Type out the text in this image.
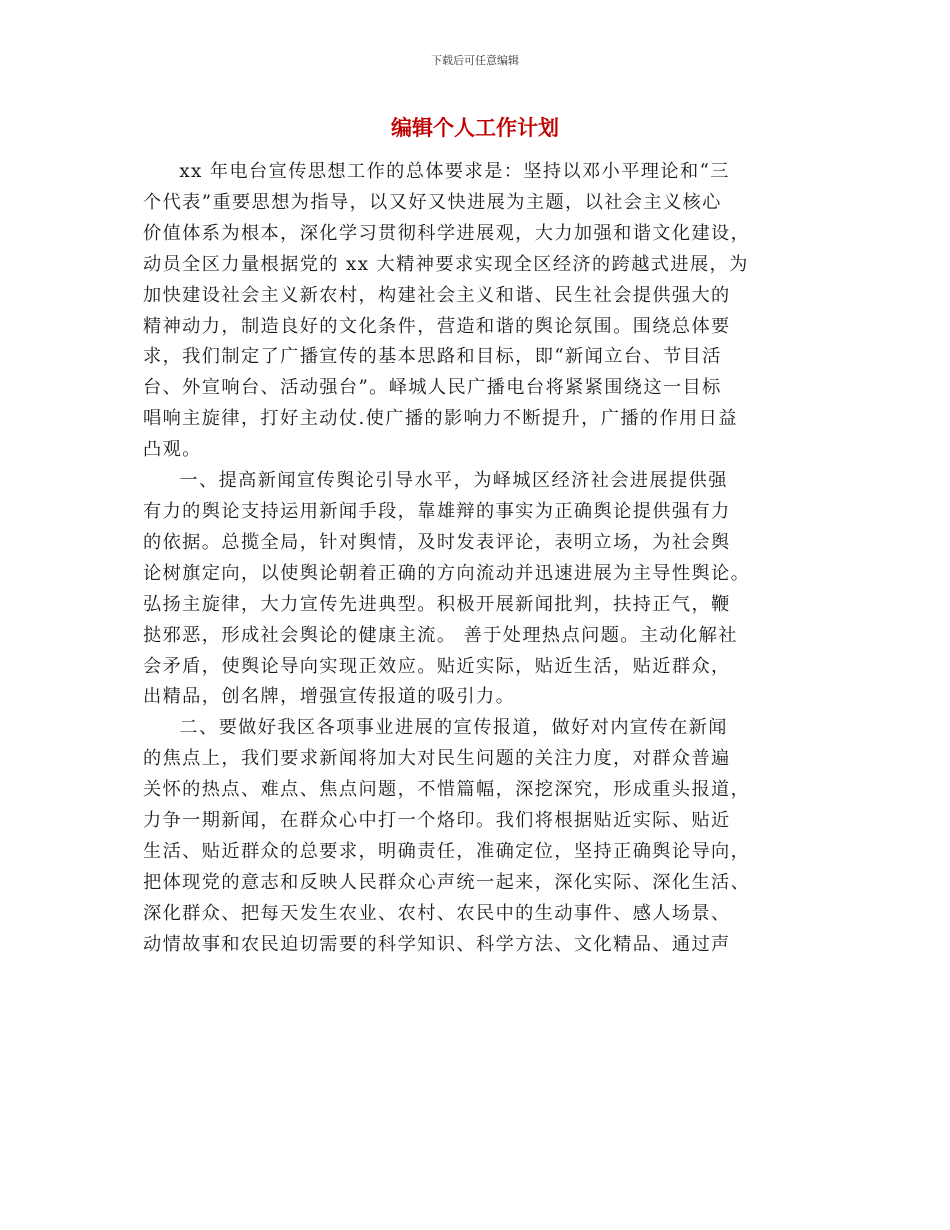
下载后可任意编辑
编辑个人工作计划

xx 年电台宣传思想工作的总体要求是：坚持以邓小平理论和“三
个代表”重要思想为指导，以又好又快进展为主题，以社会主义核心
价值体系为根本，深化学习贯彻科学进展观，大力加强和谐文化建设，
动员全区力量根据党的 xx 大精神要求实现全区经济的跨越式进展，为
加快建设社会主义新农村，构建社会主义和谐、民生社会提供强大的
精神动力，制造良好的文化条件，营造和谐的舆论氛围。围绕总体要
求，我们制定了广播宣传的基本思路和目标，即“新闻立台、节目活
台、外宣响台、活动强台”。峄城人民广播电台将紧紧围绕这一目标
唱响主旋律，打好主动仗.使广播的影响力不断提升，广播的作用日益
凸观。

一、提高新闻宣传舆论引导水平，为峄城区经济社会进展提供强
有力的舆论支持运用新闻手段，靠雄辩的事实为正确舆论提供强有力
的依据。总揽全局，针对舆情，及时发表评论，表明立场，为社会舆
论树旗定向，以使舆论朝着正确的方向流动并迅速进展为主导性舆论。
弘扬主旋律，大力宣传先进典型。积极开展新闻批判，扶持正气，鞭
挞邪恶，形成社会舆论的健康主流。 善于处理热点问题。主动化解社
会矛盾，使舆论导向实现正效应。贴近实际，贴近生活，贴近群众，
出精品，创名牌，增强宣传报道的吸引力。

二、要做好我区各项事业进展的宣传报道，做好对内宣传在新闻
的焦点上，我们要求新闻将加大对民生问题的关注力度，对群众普遍
关怀的热点、难点、焦点问题，不惜篇幅，深挖深究，形成重头报道，
力争一期新闻，在群众心中打一个烙印。我们将根据贴近实际、贴近
生活、贴近群众的总要求，明确责任，准确定位，坚持正确舆论导向，
把体现党的意志和反映人民群众心声统一起来，深化实际、深化生活、
深化群众、把每天发生农业、农村、农民中的生动事件、感人场景、
动情故事和农民迫切需要的科学知识、科学方法、文化精品、通过声
